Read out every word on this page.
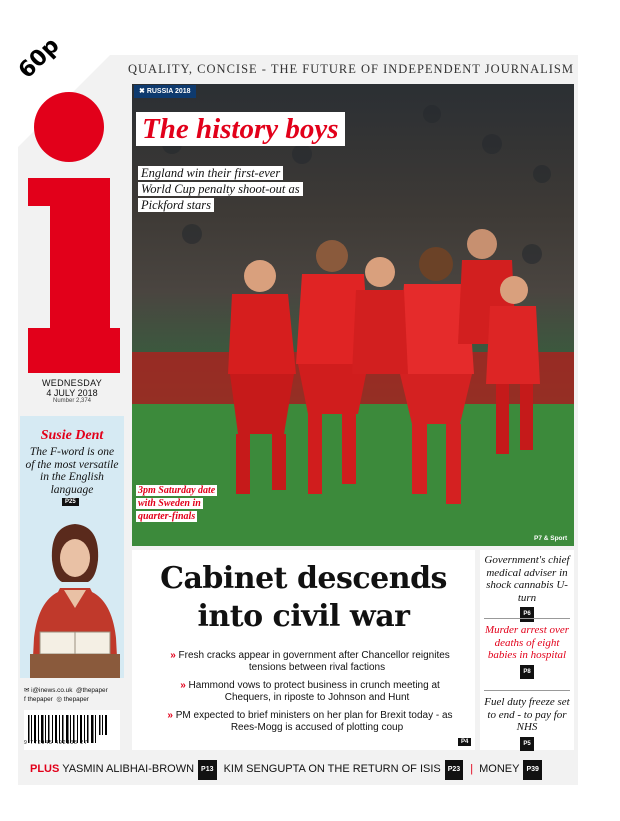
60p
WEDNESDAY
4 JULY 2018
Number 2,374
QUALITY, CONCISE - THE FUTURE OF INDEPENDENT JOURNALISM
Susie Dent
The F-word is one of the most versatile in the English language
P25
✉ i@inews.co.uk @thepaper
f thepaper  ◎ thepaper
9 772045 492838 27
✖ RUSSIA 2018
The history boys
England win their first-ever World Cup penalty shoot-out as Pickford stars
3pm Saturday date with Sweden in quarter-finals
P7 & Sport
Cabinet descends into civil war
» Fresh cracks appear in government after Chancellor reignites tensions between rival factions
» Hammond vows to protect business in crunch meeting at Chequers, in riposte to Johnson and Hunt
» PM expected to brief ministers on her plan for Brexit today - as Rees-Mogg is accused of plotting coup
P4
Government's chief medical adviser in shock cannabis U-turn
P6
Murder arrest over deaths of eight babies in hospital
P8
Fuel duty freeze set to end - to pay for NHS
P5
PLUS YASMIN ALIBHAI-BROWN P13 KIM SENGUPTA ON THE RETURN OF ISIS P23 | MONEY P39
